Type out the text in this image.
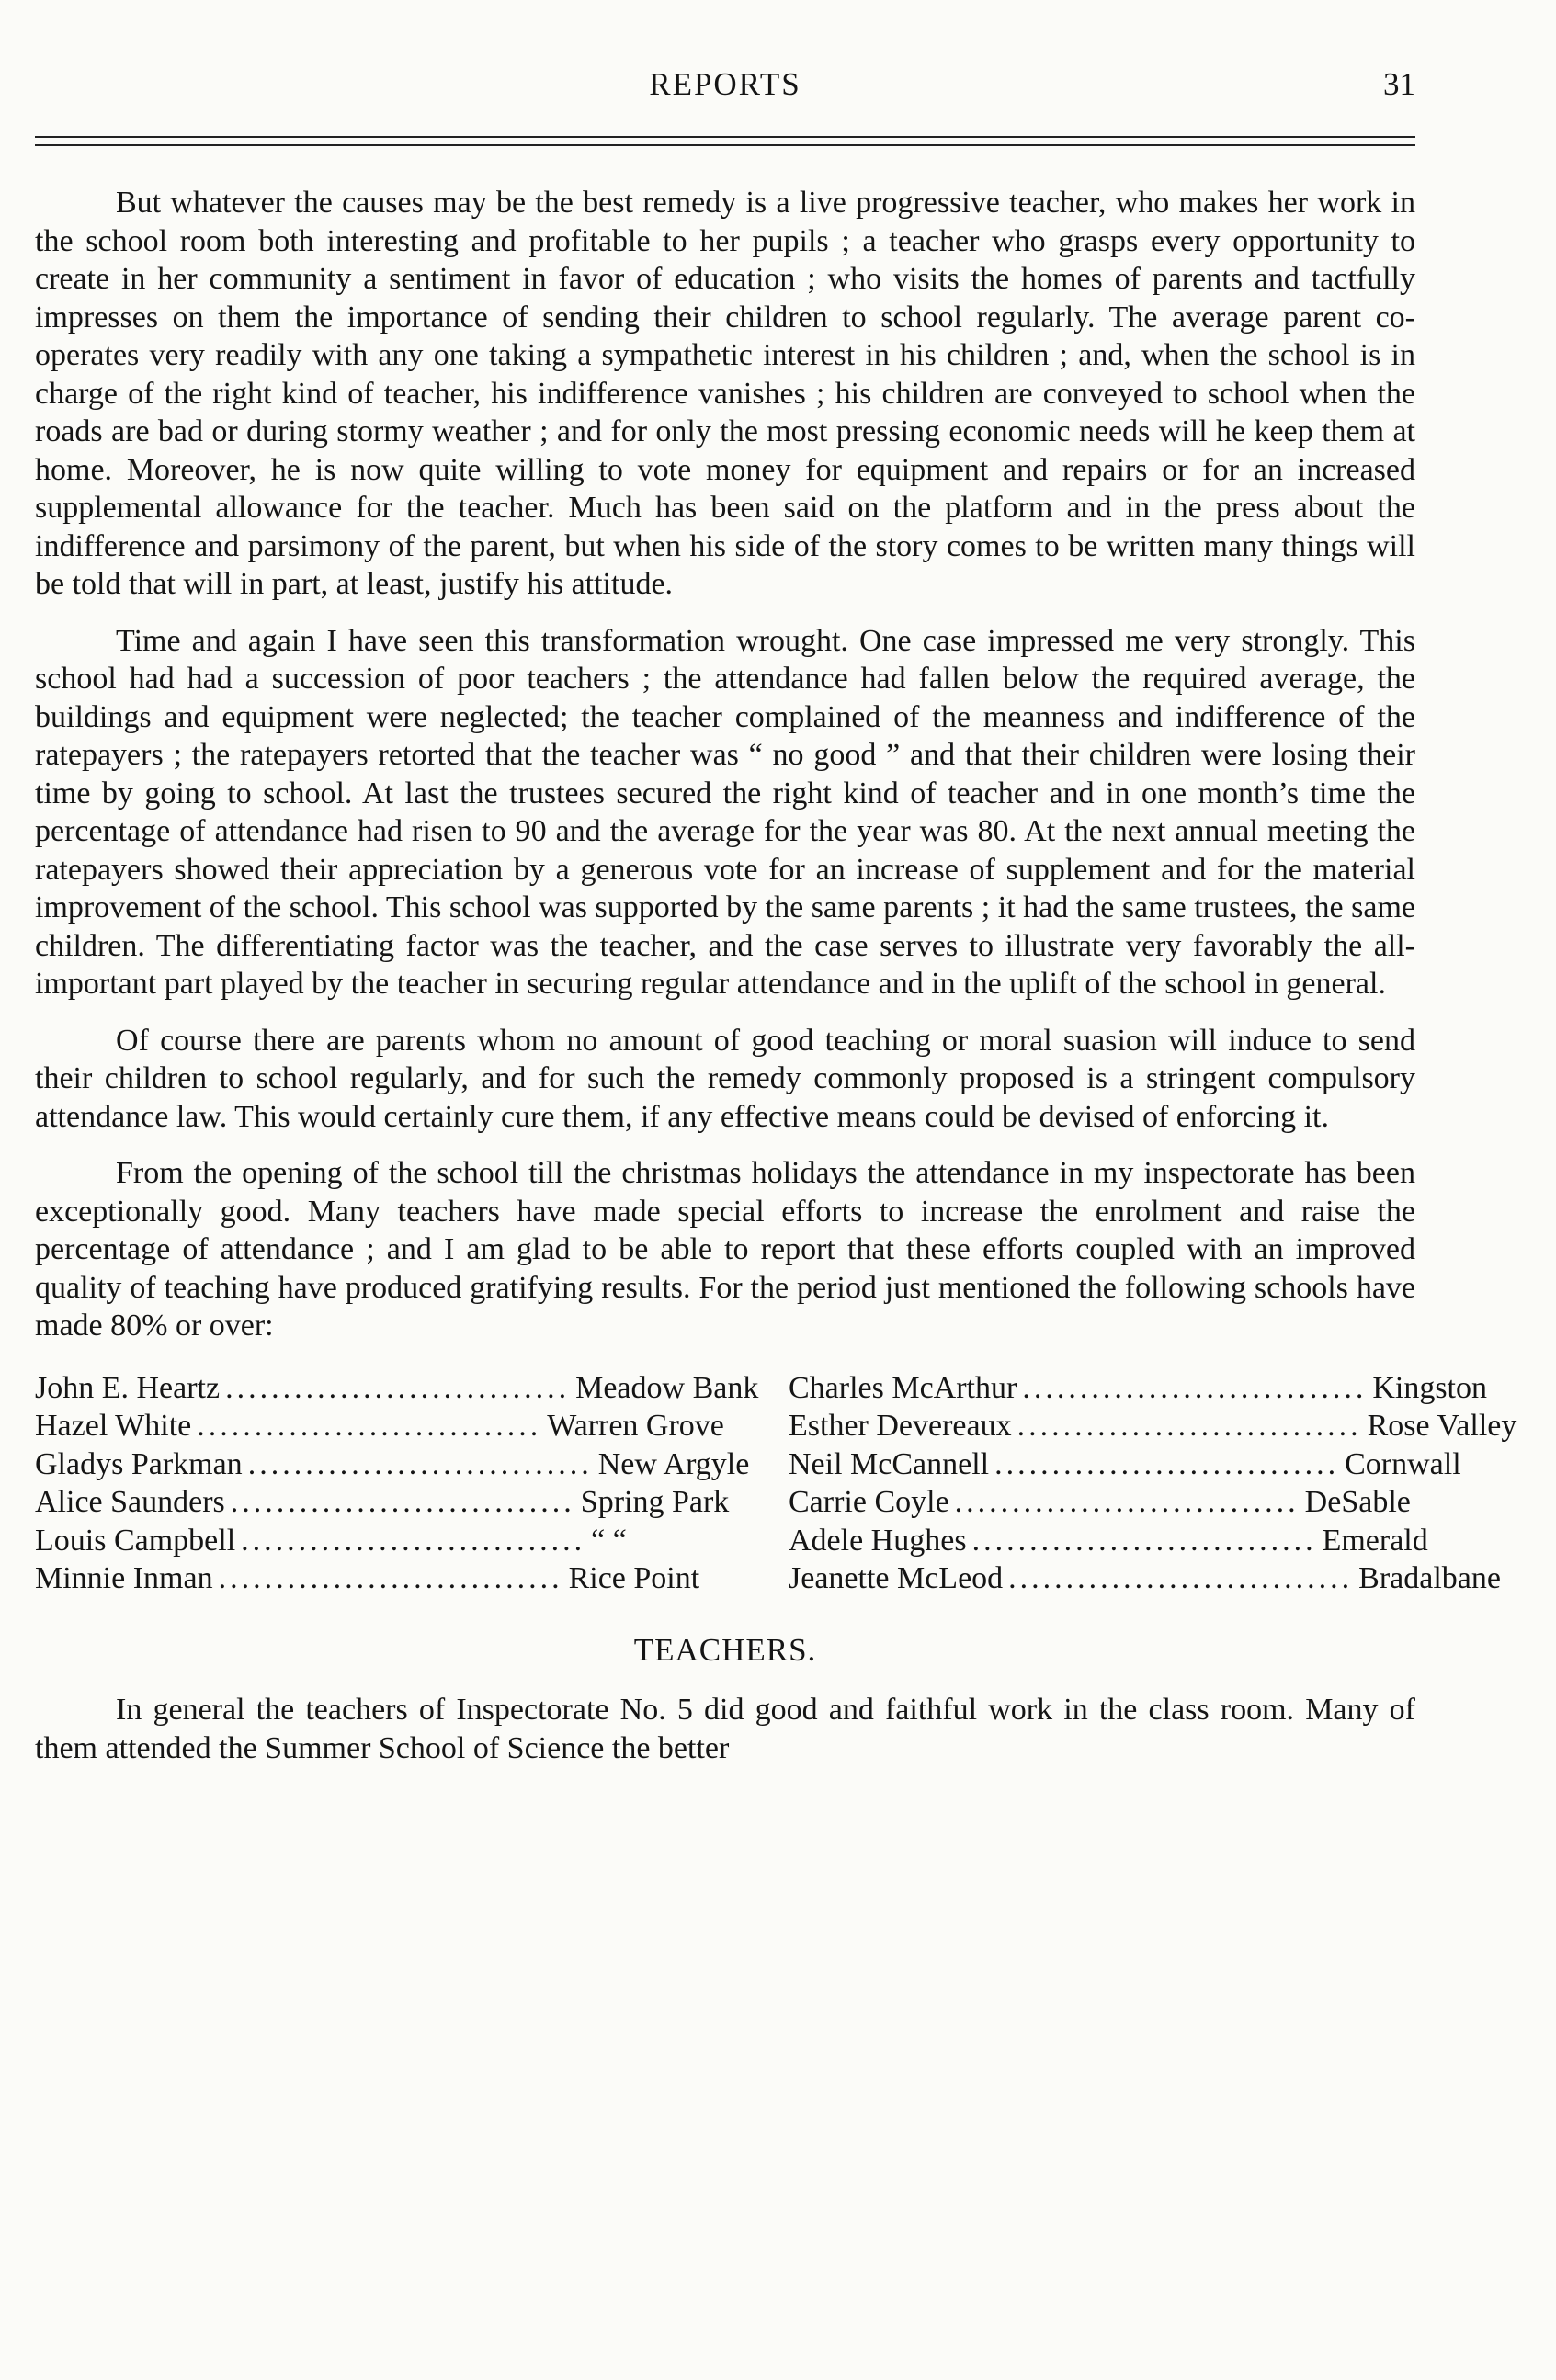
REPORTS	31

But whatever the causes may be the best remedy is a live progressive teacher, who makes her work in the school room both interesting and profitable to her pupils ; a teacher who grasps every opportunity to create in her community a sentiment in favor of education ; who visits the homes of parents and tactfully impresses on them the importance of sending their children to school regularly. The average parent co-operates very readily with any one taking a sympathetic interest in his children ; and, when the school is in charge of the right kind of teacher, his indifference vanishes ; his children are conveyed to school when the roads are bad or during stormy weather ; and for only the most pressing economic needs will he keep them at home. Moreover, he is now quite willing to vote money for equipment and repairs or for an increased supplemental allowance for the teacher. Much has been said on the platform and in the press about the indifference and parsimony of the parent, but when his side of the story comes to be written many things will be told that will in part, at least, justify his attitude.

Time and again I have seen this transformation wrought. One case impressed me very strongly. This school had had a succession of poor teachers ; the attendance had fallen below the required average, the buildings and equipment were neglected; the teacher complained of the meanness and indifference of the ratepayers ; the ratepayers retorted that the teacher was “ no good ” and that their children were losing their time by going to school. At last the trustees secured the right kind of teacher and in one month’s time the percentage of attendance had risen to 90 and the average for the year was 80. At the next annual meeting the ratepayers showed their appreciation by a generous vote for an increase of supplement and for the material improvement of the school. This school was supported by the same parents ; it had the same trustees, the same children. The differentiating factor was the teacher, and the case serves to illustrate very favorably the all-important part played by the teacher in securing regular attendance and in the uplift of the school in general.

Of course there are parents whom no amount of good teaching or moral suasion will induce to send their children to school regularly, and for such the remedy commonly proposed is a stringent compulsory attendance law. This would certainly cure them, if any effective means could be devised of enforcing it.

From the opening of the school till the christmas holidays the attendance in my inspectorate has been exceptionally good. Many teachers have made special efforts to increase the enrolment and raise the percentage of attendance ; and I am glad to be able to report that these efforts coupled with an improved quality of teaching have produced gratifying results. For the period just mentioned the following schools have made 80% or over:

John E. Heartz .............................. Meadow Bank
Hazel White .............................. Warren Grove
Gladys Parkman .............................. New Argyle
Alice Saunders .............................. Spring Park
Louis Campbell .............................. “ “
Minnie Inman .............................. Rice Point
Charles McArthur .............................. Kingston
Esther Devereaux .............................. Rose Valley
Neil McCannell .............................. Cornwall
Carrie Coyle .............................. DeSable
Adele Hughes .............................. Emerald
Jeanette McLeod .............................. Bradalbane
TEACHERS.

In general the teachers of Inspectorate No. 5 did good and faithful work in the class room. Many of them attended the Summer School of Science the better
